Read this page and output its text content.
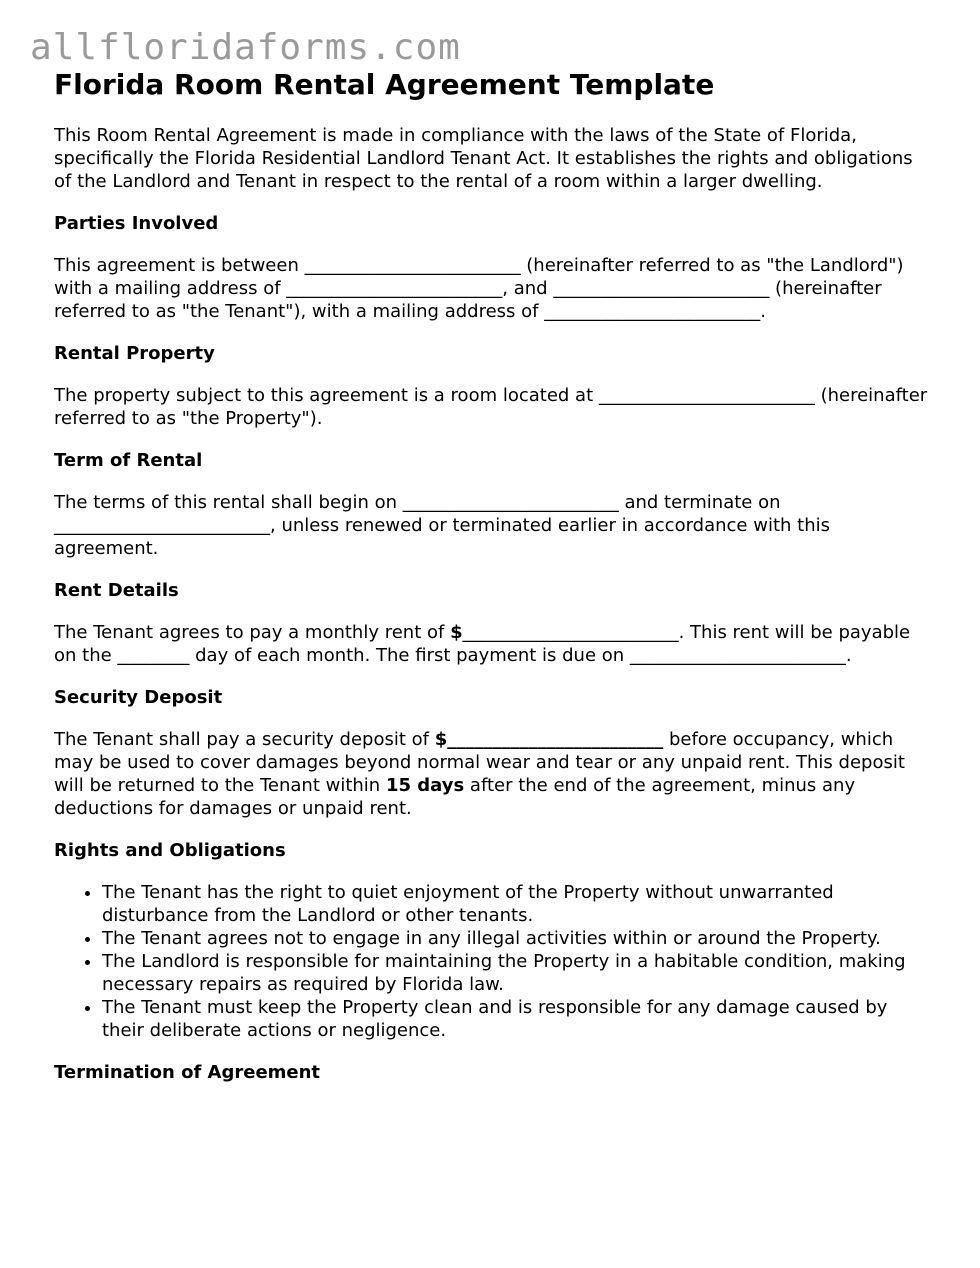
allfloridaforms.com
Florida Room Rental Agreement Template

This Room Rental Agreement is made in compliance with the laws of the State of Florida, specifically the Florida Residential Landlord Tenant Act. It establishes the rights and obligations of the Landlord and Tenant in respect to the rental of a room within a larger dwelling.

Parties Involved

This agreement is between ________________________ (hereinafter referred to as "the Landlord") with a mailing address of ________________________, and ________________________ (hereinafter referred to as "the Tenant"), with a mailing address of ________________________.

Rental Property

The property subject to this agreement is a room located at ________________________ (hereinafter referred to as "the Property").

Term of Rental

The terms of this rental shall begin on ________________________ and terminate on ________________________, unless renewed or terminated earlier in accordance with this agreement.

Rent Details

The Tenant agrees to pay a monthly rent of $________________________. This rent will be payable on the ________ day of each month. The first payment is due on ________________________.

Security Deposit

The Tenant shall pay a security deposit of $________________________ before occupancy, which may be used to cover damages beyond normal wear and tear or any unpaid rent. This deposit will be returned to the Tenant within 15 days after the end of the agreement, minus any deductions for damages or unpaid rent.

Rights and Obligations
• The Tenant has the right to quiet enjoyment of the Property without unwarranted disturbance from the Landlord or other tenants.
• The Tenant agrees not to engage in any illegal activities within or around the Property.
• The Landlord is responsible for maintaining the Property in a habitable condition, making necessary repairs as required by Florida law.
• The Tenant must keep the Property clean and is responsible for any damage caused by their deliberate actions or negligence.
Termination of Agreement
